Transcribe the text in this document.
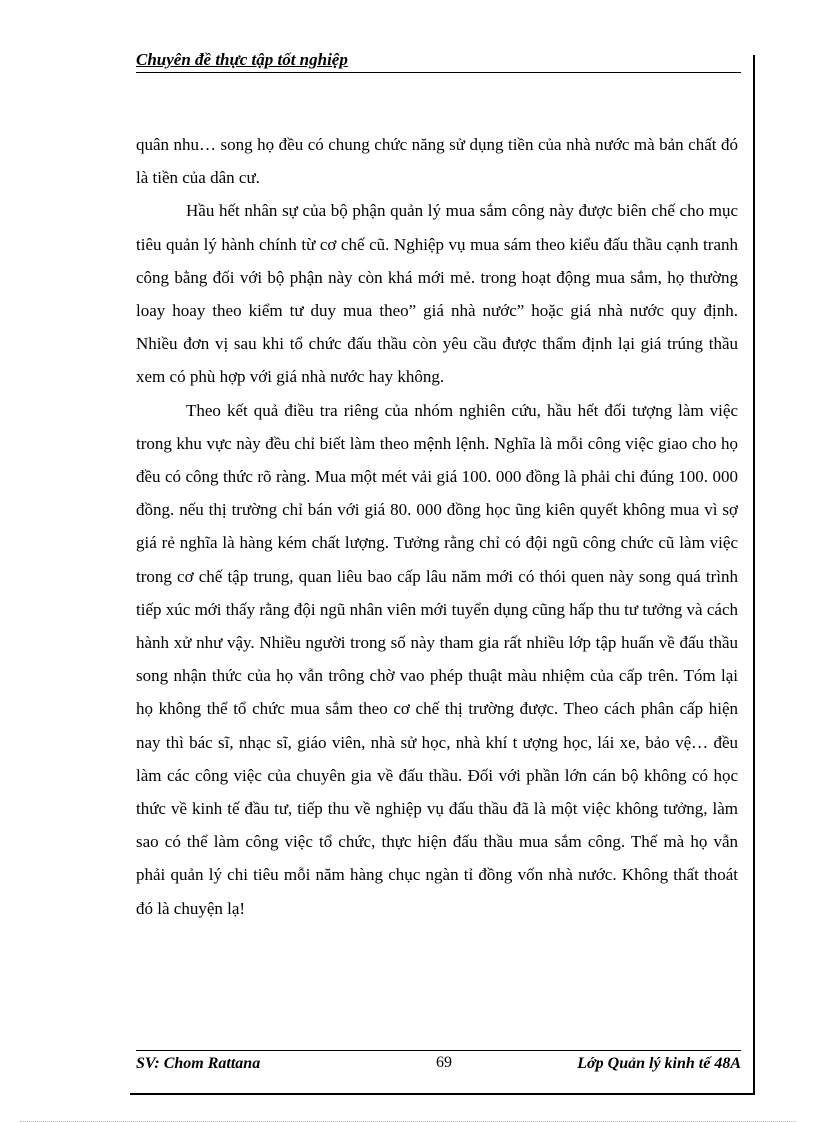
Chuyên đề thực tập tốt nghiệp

quân nhu… song họ đều có chung chức năng sử dụng tiền của nhà nước mà bản chất đó là tiền của dân cư.

Hầu hết nhân sự của bộ phận quản lý mua sắm công này được biên chế cho mục tiêu quản lý hành chính từ cơ chế cũ. Nghiệp vụ mua sám theo kiểu đấu thầu cạnh tranh công bằng đối với bộ phận này còn khá mới mẻ. trong hoạt động mua sắm, họ thường loay hoay theo kiểm tư duy mua theo” giá nhà nước” hoặc giá nhà nước quy định. Nhiều đơn vị sau khi tổ chức đấu thầu còn yêu cầu được thẩm định lại giá trúng thầu xem có phù hợp với giá nhà nước hay không.

Theo kết quả điều tra riêng của nhóm nghiên cứu, hầu hết đối tượng làm việc trong khu vực này đều chỉ biết làm theo mệnh lệnh. Nghĩa là mỗi công việc giao cho họ đều có công thức rõ ràng. Mua một mét vải giá 100. 000 đồng là phải chi đúng 100. 000 đồng. nếu thị trường chỉ bán với giá 80. 000 đồng học ũng kiên quyết không mua vì sợ giá rẻ nghĩa là hàng kém chất lượng. Tưởng rằng chỉ có đội ngũ công chức cũ làm việc trong cơ chế tập trung, quan liêu bao cấp lâu năm mới có thói quen này song quá trình tiếp xúc mới thấy rằng đội ngũ nhân viên mới tuyển dụng cũng hấp thu tư tưởng và cách hành xử như vậy. Nhiều người trong số này tham gia rất nhiều lớp tập huấn về đấu thầu song nhận thức của họ vẫn trông chờ vao phép thuật màu nhiệm của cấp trên. Tóm lại họ không thể tổ chức mua sắm theo cơ chế thị trường được. Theo cách phân cấp hiện nay thì bác sĩ, nhạc sĩ, giáo viên, nhà sử học, nhà khí t ượng học, lái xe, bảo vệ… đều làm các công việc của chuyên gia về đấu thầu. Đối với phần lớn cán bộ không có học thức về kinh tế đầu tư, tiếp thu về nghiệp vụ đấu thầu đã là một việc không tưởng, làm sao có thể làm công việc tổ chức, thực hiện đấu thầu mua sắm công. Thế mà họ vẫn phải quản lý chi tiêu mỗi năm hàng chục ngàn tỉ đồng vốn nhà nước. Không thất thoát đó là chuyện lạ!

SV: Chom Rattana	69	Lớp Quản lý kinh tế 48A
